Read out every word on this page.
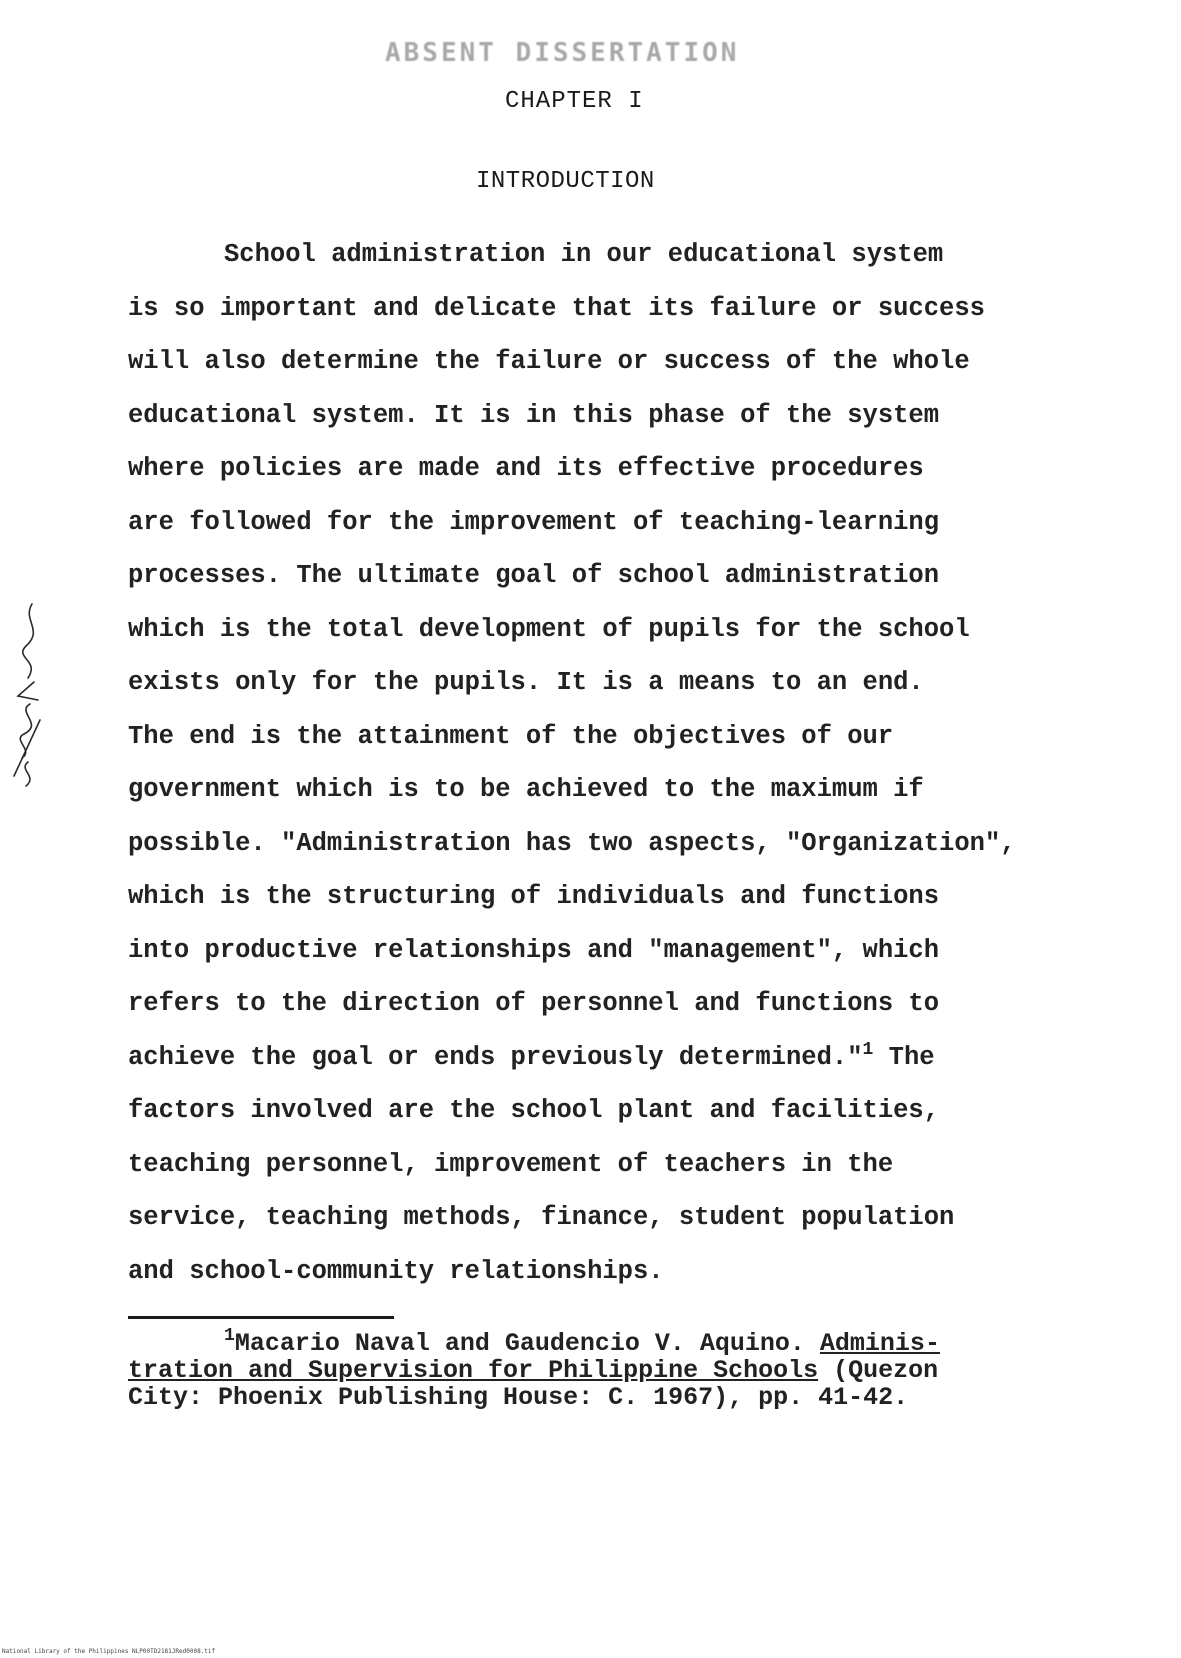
ABSENT DISSERTATION
CHAPTER I
INTRODUCTION
School administration in our educational system
is so important and delicate that its failure or success
will also determine the failure or success of the whole
educational system. It is in this phase of the system
where policies are made and its effective procedures
are followed for the improvement of teaching-learning
processes. The ultimate goal of school administration
which is the total development of pupils for the school
exists only for the pupils. It is a means to an end.
The end is the attainment of the objectives of our
government which is to be achieved to the maximum if
possible. "Administration has two aspects, "Organization",
which is the structuring of individuals and functions
into productive relationships and "management", which
refers to the direction of personnel and functions to
achieve the goal or ends previously determined."$^1$ The
factors involved are the school plant and facilities,
teaching personnel, improvement of teachers in the
service, teaching methods, finance, student population
and school-community relationships.
$^1$Macario Naval and Gaudencio V. Aquino. Adminis-
tration and Supervision for Philippine Schools (Quezon
City: Phoenix Publishing House: C. 1967), pp. 41-42.
National Library of the Philippines NLP00TD2181JRed0008.tif
